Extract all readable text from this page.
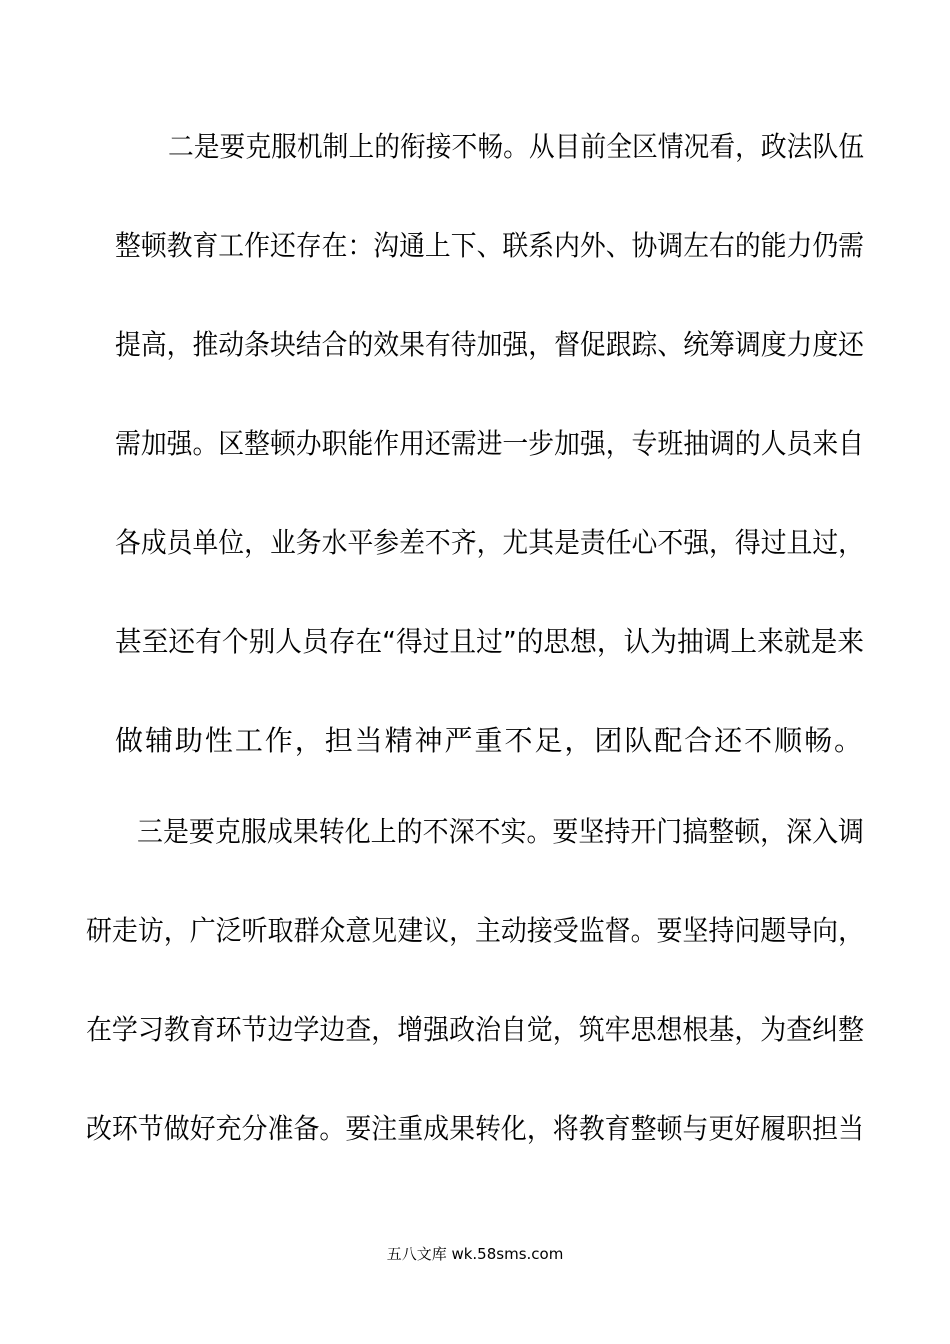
二是要克服机制上的衔接不畅。从目前全区情况看，政法队伍
整顿教育工作还存在：沟通上下、联系内外、协调左右的能力仍需
提高，推动条块结合的效果有待加强，督促跟踪、统筹调度力度还
需加强。区整顿办职能作用还需进一步加强，专班抽调的人员来自
各成员单位，业务水平参差不齐，尤其是责任心不强，得过且过，
甚至还有个别人员存在“得过且过”的思想，认为抽调上来就是来
做辅助性工作，担当精神严重不足，团队配合还不顺畅。
三是要克服成果转化上的不深不实。要坚持开门搞整顿，深入调
研走访，广泛听取群众意见建议，主动接受监督。要坚持问题导向，
在学习教育环节边学边查，增强政治自觉，筑牢思想根基，为查纠整
改环节做好充分准备。要注重成果转化，将教育整顿与更好履职担当
五八文库 wk.58sms.com
